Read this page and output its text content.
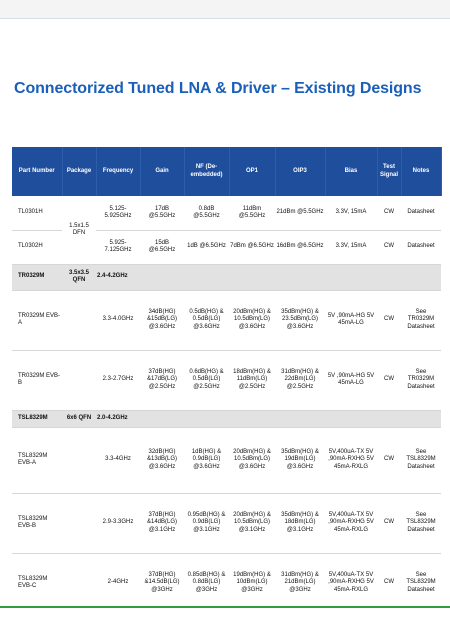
Connectorized Tuned LNA & Driver – Existing Designs
Part Number	Package	Frequency	Gain	NF (De-embedded)	OP1	OIP3	Bias	Test Signal	Notes
TL0301H	1.5x1.5 DFN	5.125-5.925GHz	17dB @5.5GHz	0.8dB @5.5GHz	11dBm @5.5GHz	21dBm @5.5GHz	3.3V, 15mA	CW	Datasheet
TL0302H		5.925-7.125GHz	15dB @6.5GHz	1dB @6.5GHz	7dBm @6.5GHz	16dBm @6.5GHz	3.3V, 15mA	CW	Datasheet
TR0329M	3.5x3.5 QFN	2.4-4.2GHz							
TR0329M EVB-A		3.3-4.0GHz	34dB(HG) &15dB(LG) @3.6GHz	0.5dB(HG) & 0.5dB(LG) @3.6GHz	20dBm(HG) & 10.5dBm(LG) @3.6GHz	35dBm(HG) & 23.5dBm(LG) @3.6GHz	5V ,90mA-HG 5V 45mA-LG	CW	See TR0329M Datasheet
TR0329M EVB-B		2.3-2.7GHz	37dB(HG) &17dB(LG) @2.5GHz	0.6dB(HG) & 0.5dB(LG) @2.5GHz	18dBm(HG) & 11dBm(LG) @2.5GHz	31dBm(HG) & 22dBm(LG) @2.5GHz	5V ,90mA-HG 5V 45mA-LG	CW	See TR0329M Datasheet
TSL8329M	6x6 QFN	2.0-4.2GHz							
TSL8329M EVB-A		3.3-4GHz	32dB(HG) &13dB(LG) @3.6GHz	1dB(HG) & 0.9dB(LG) @3.6GHz	20dBm(HG) & 10.5dBm(LG) @3.6GHz	35dBm(HG) & 19dBm(LG) @3.6GHz	5V,400uA-TX 5V ,90mA-RXHG 5V 45mA-RXLG	CW	See TSL8329M Datasheet
TSL8329M EVB-B		2.9-3.3GHz	37dB(HG) &14dB(LG) @3.1GHz	0.95dB(HG) & 0.9dB(LG) @3.1GHz	20dBm(HG) & 10.5dBm(LG) @3.1GHz	35dBm(HG) & 18dBm(LG) @3.1GHz	5V,400uA-TX 5V ,90mA-RXHG 5V 45mA-RXLG	CW	See TSL8329M Datasheet
TSL8329M EVB-C		2-4GHz	37dB(HG) &14.5dB(LG) @3GHz	0.85dB(HG) & 0.8dB(LG) @3GHz	19dBm(HG) & 10dBm(LG) @3GHz	31dBm(HG) & 21dBm(LG) @3GHz	5V,400uA-TX 5V ,90mA-RXHG 5V 45mA-RXLG	CW	See TSL8329M Datasheet
